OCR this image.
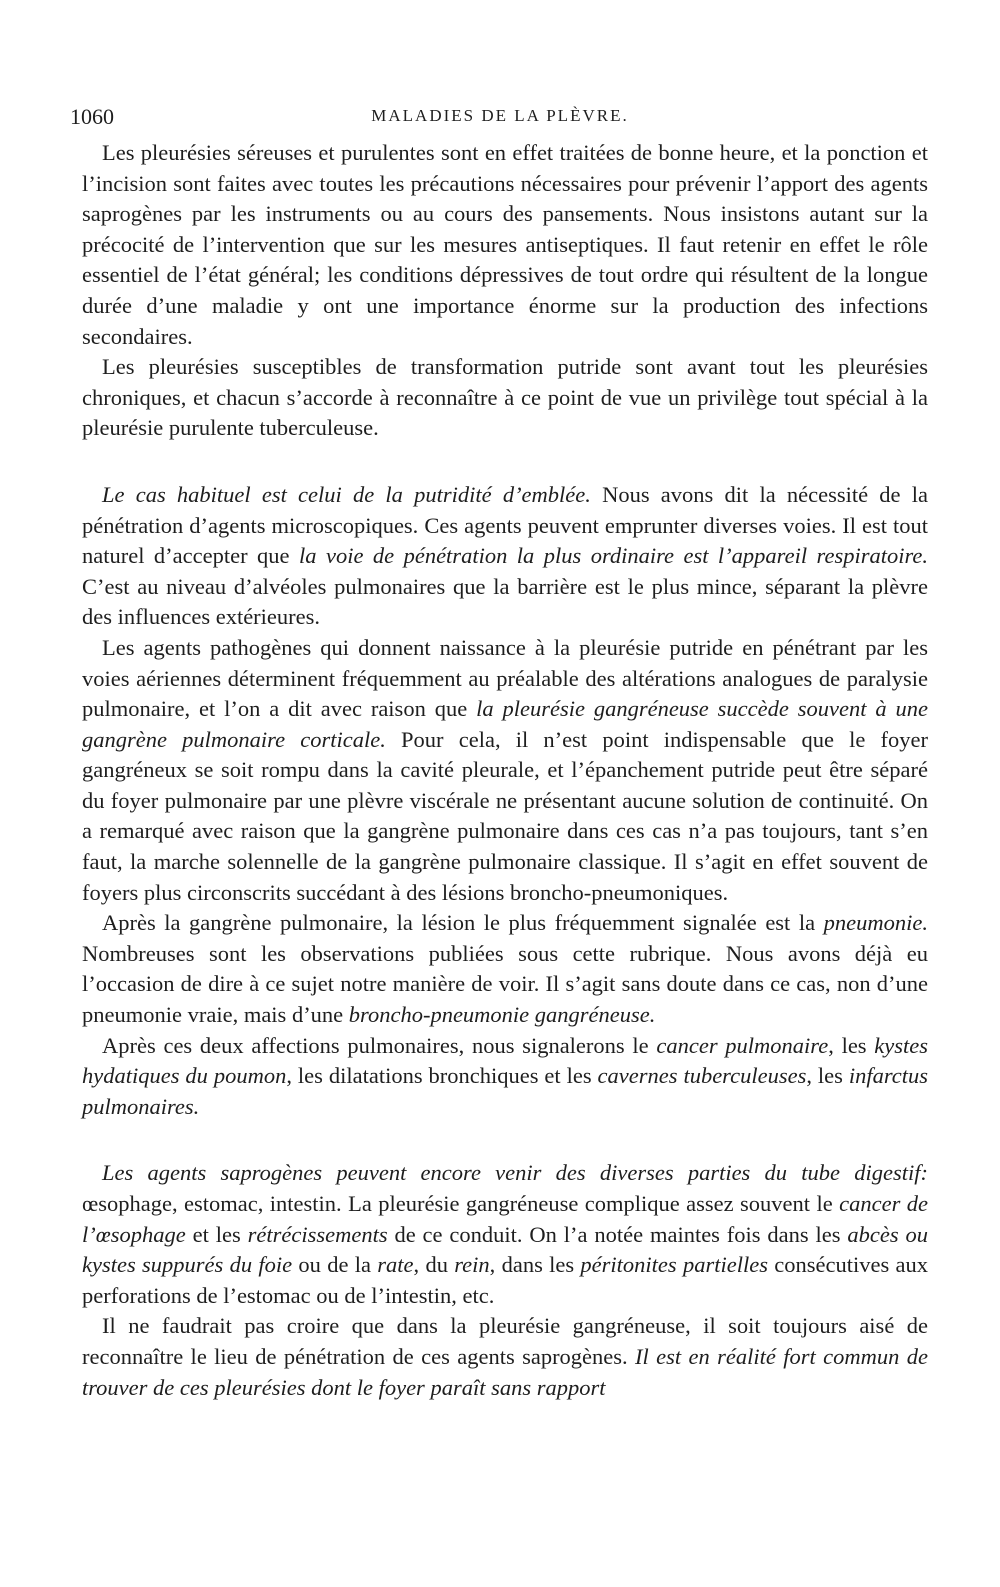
1060	MALADIES DE LA PLÈVRE.

Les pleurésies séreuses et purulentes sont en effet traitées de bonne heure, et la ponction et l’incision sont faites avec toutes les précautions nécessaires pour prévenir l’apport des agents saprogènes par les instruments ou au cours des pansements. Nous insistons autant sur la précocité de l’intervention que sur les mesures antiseptiques. Il faut retenir en effet le rôle essentiel de l’état général; les conditions dépressives de tout ordre qui résultent de la longue durée d’une maladie y ont une importance énorme sur la production des infections secondaires.

Les pleurésies susceptibles de transformation putride sont avant tout les pleurésies chroniques, et chacun s’accorde à reconnaître à ce point de vue un privilège tout spécial à la pleurésie purulente tuberculeuse.

Le cas habituel est celui de la putridité d’emblée. Nous avons dit la nécessité de la pénétration d’agents microscopiques. Ces agents peuvent emprunter diverses voies. Il est tout naturel d’accepter que la voie de pénétration la plus ordinaire est l’appareil respiratoire. C’est au niveau d’alvéoles pulmonaires que la barrière est le plus mince, séparant la plèvre des influences extérieures.

Les agents pathogènes qui donnent naissance à la pleurésie putride en pénétrant par les voies aériennes déterminent fréquemment au préalable des altérations analogues de paralysie pulmonaire, et l’on a dit avec raison que la pleurésie gangréneuse succède souvent à une gangrène pulmonaire corticale. Pour cela, il n’est point indispensable que le foyer gangréneux se soit rompu dans la cavité pleurale, et l’épanchement putride peut être séparé du foyer pulmonaire par une plèvre viscérale ne présentant aucune solution de continuité. On a remarqué avec raison que la gangrène pulmonaire dans ces cas n’a pas toujours, tant s’en faut, la marche solennelle de la gangrène pulmonaire classique. Il s’agit en effet souvent de foyers plus circonscrits succédant à des lésions broncho-pneumoniques.

Après la gangrène pulmonaire, la lésion le plus fréquemment signalée est la pneumonie. Nombreuses sont les observations publiées sous cette rubrique. Nous avons déjà eu l’occasion de dire à ce sujet notre manière de voir. Il s’agit sans doute dans ce cas, non d’une pneumonie vraie, mais d’une broncho-pneumonie gangréneuse.

Après ces deux affections pulmonaires, nous signalerons le cancer pulmonaire, les kystes hydatiques du poumon, les dilatations bronchiques et les cavernes tuberculeuses, les infarctus pulmonaires.

Les agents saprogènes peuvent encore venir des diverses parties du tube digestif: œsophage, estomac, intestin. La pleurésie gangréneuse complique assez souvent le cancer de l’œsophage et les rétrécissements de ce conduit. On l’a notée maintes fois dans les abcès ou kystes suppurés du foie ou de la rate, du rein, dans les péritonites partielles consécutives aux perforations de l’estomac ou de l’intestin, etc.

Il ne faudrait pas croire que dans la pleurésie gangréneuse, il soit toujours aisé de reconnaître le lieu de pénétration de ces agents saprogènes. Il est en réalité fort commun de trouver de ces pleurésies dont le foyer paraît sans rapport
